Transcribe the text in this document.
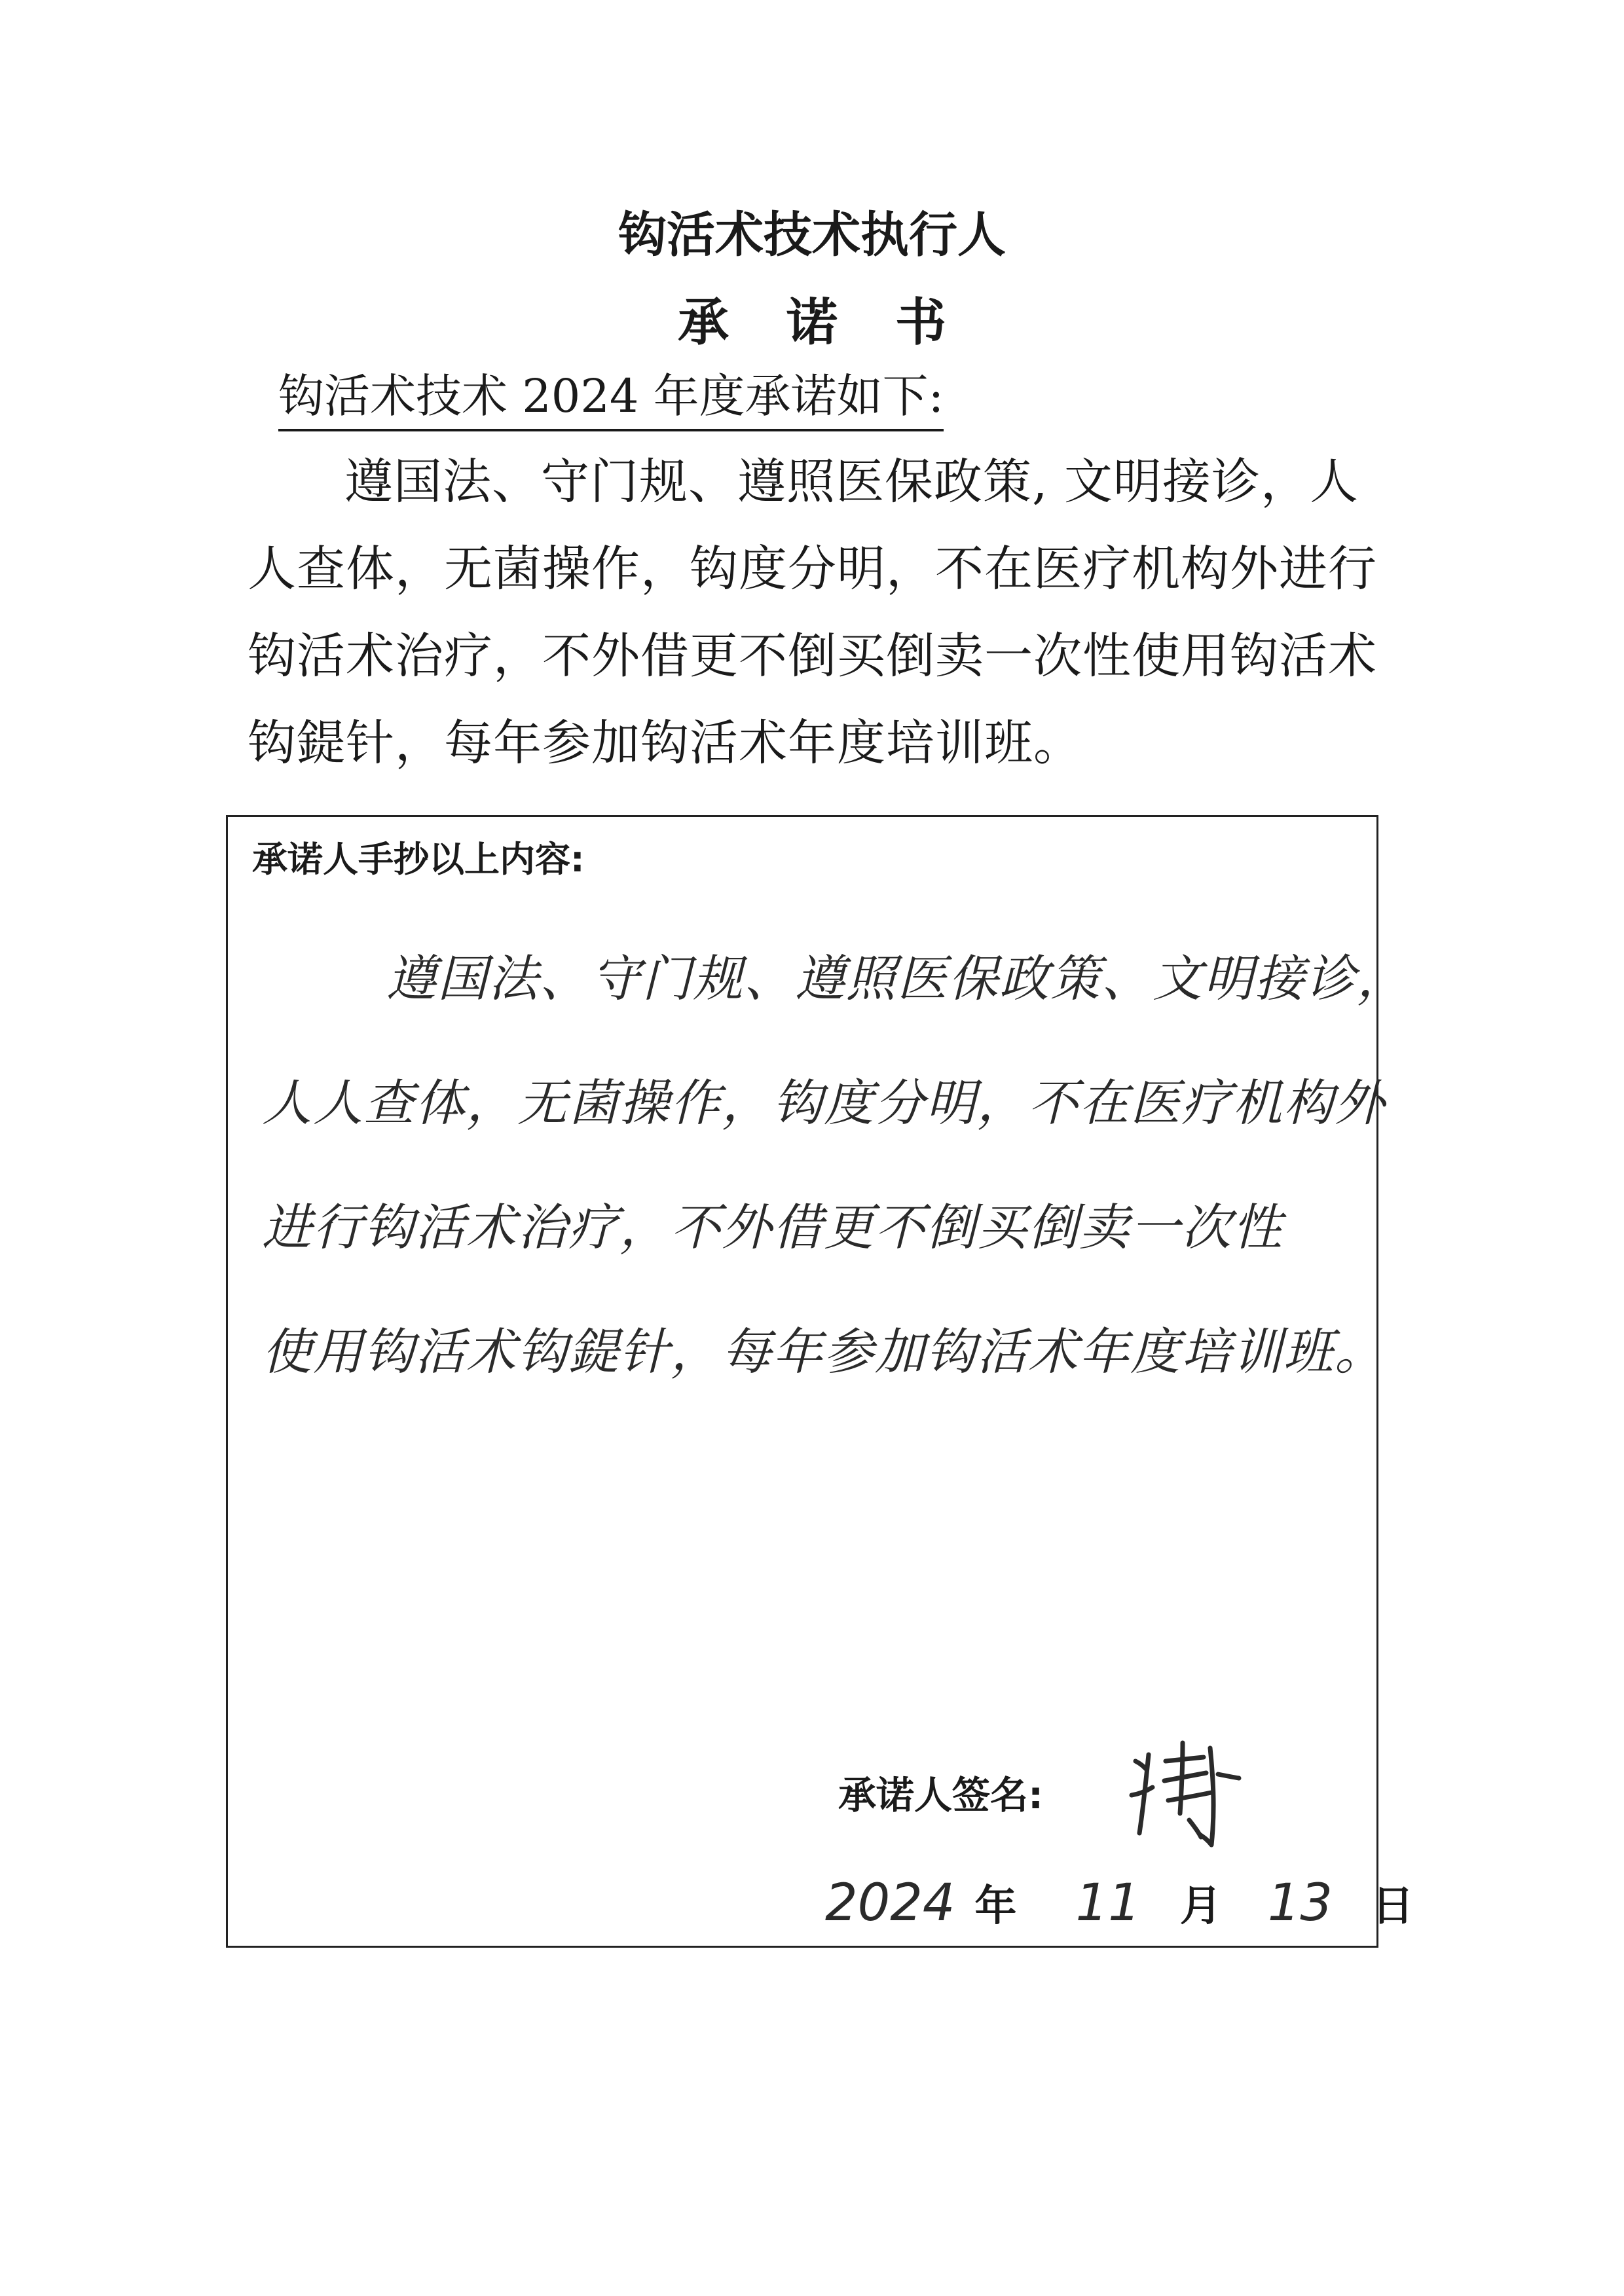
钩活术技术执行人
承诺书
钩活术技术 2024 年度承诺如下:
遵国法、守门规、遵照医保政策, 文明接诊，人人查体，无菌操作，钩度分明，不在医疗机构外进行钩活术治疗，不外借更不倒买倒卖一次性使用钩活术钩鍉针，每年参加钩活术年度培训班。
承诺人手抄以上内容:
遵国法、守门规、遵照医保政策、文明接诊，
人人查体，无菌操作，钩度分明，不在医疗机构外
进行钩活术治疗，不外借更不倒买倒卖一次性
使用钩活术钩鍉针，每年参加钩活术年度培训班。
承诺人签名:
2024 年 11 月 13 日
